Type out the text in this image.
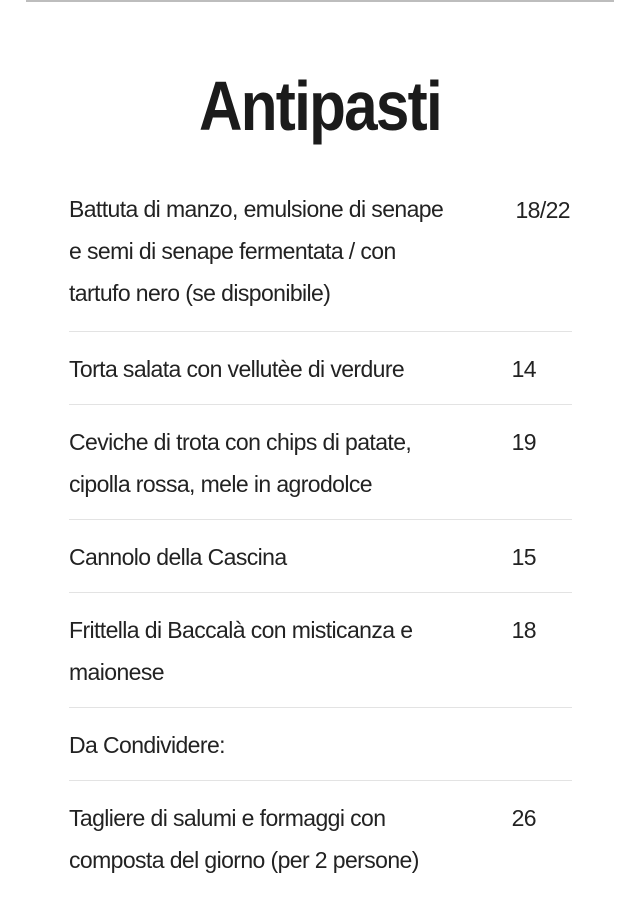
Antipasti
18/22
Battuta di manzo, emulsione di senape
e semi di senape fermentata / con
tartufo nero (se disponibile)
14
Torta salata con vellutèe di verdure
19
Ceviche di trota con chips di patate,
cipolla rossa, mele in agrodolce
15
Cannolo della Cascina
18
Frittella di Baccalà con misticanza e
maionese
Da Condividere:
26
Tagliere di salumi e formaggi con
composta del giorno (per 2 persone)
